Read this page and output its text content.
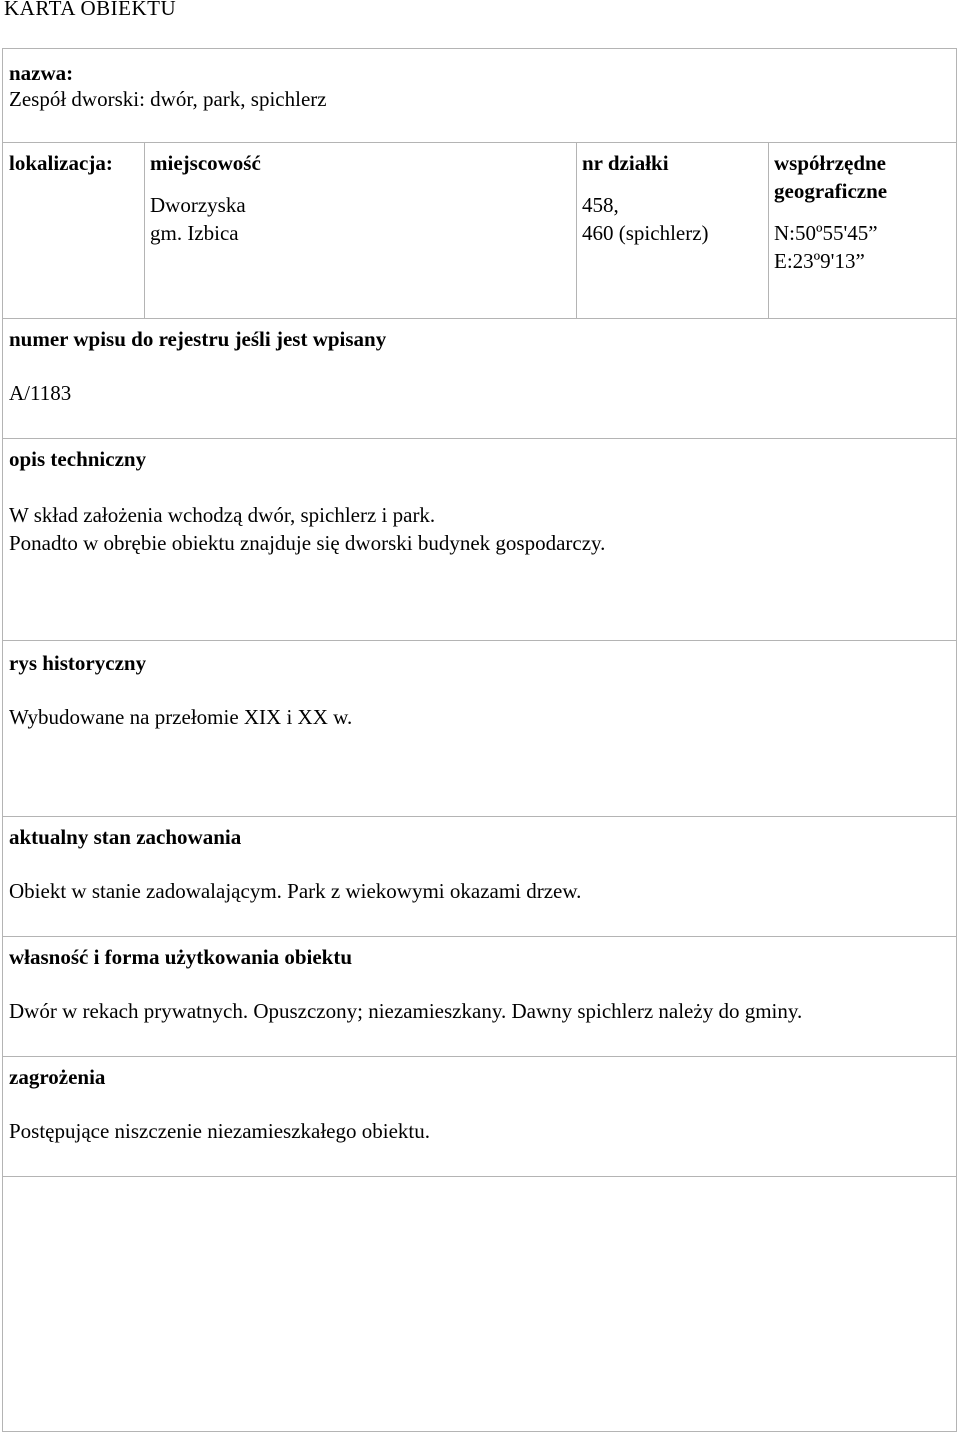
KARTA OBIEKTU
nazwa:
Zespół dworski: dwór, park, spichlerz
lokalizacja: miejscowość
Dworzyska
gm. Izbica
nr działki
458,
460 (spichlerz)
współrzędne
geograficzne
N:50º55'45”
E:23º9'13”
numer wpisu do rejestru jeśli jest wpisany
A/1183
opis techniczny
W skład założenia wchodzą dwór, spichlerz i park.
Ponadto w obrębie obiektu znajduje się dworski budynek gospodarczy.
rys historyczny
Wybudowane na przełomie XIX i XX w.
aktualny stan zachowania
Obiekt w stanie zadowalającym. Park z wiekowymi okazami drzew.
własność i forma użytkowania obiektu
Dwór w rekach prywatnych. Opuszczony; niezamieszkany. Dawny spichlerz należy do gminy.
zagrożenia
Postępujące niszczenie niezamieszkałego obiektu.
